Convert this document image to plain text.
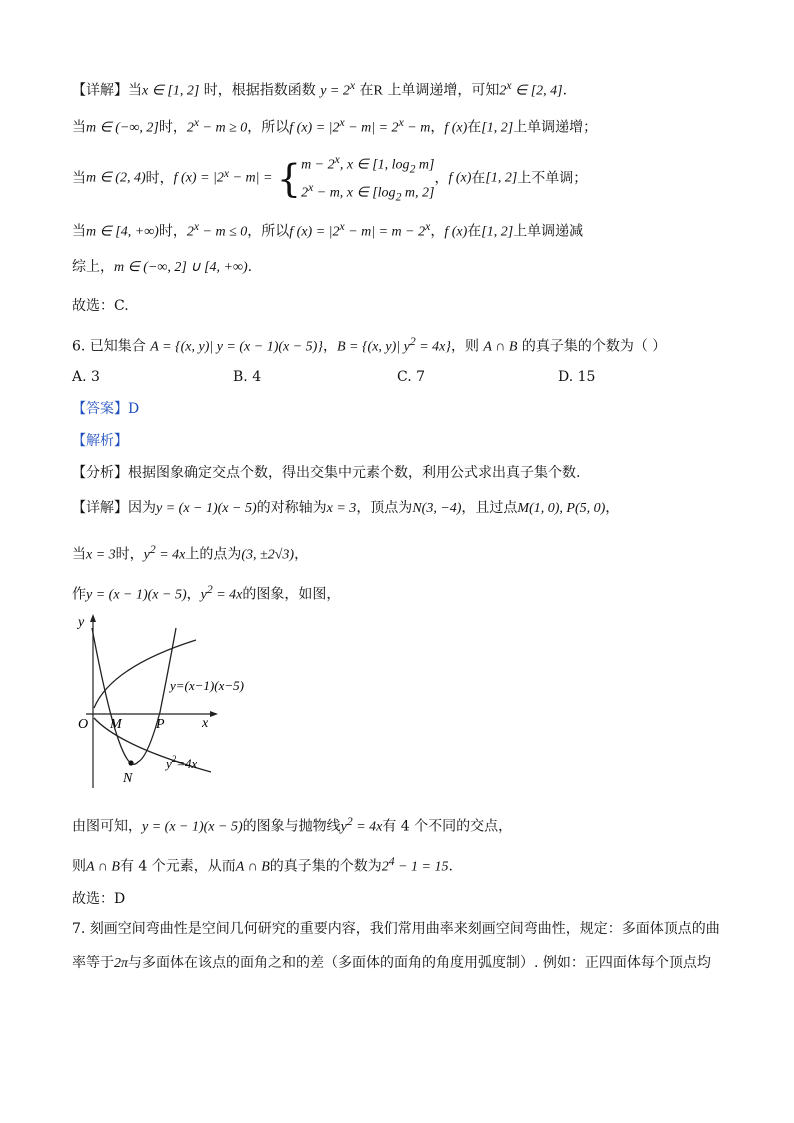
【详解】当x ∈ [1, 2] 时，根据指数函数 $y = 2^x$ 在R 上单调递增，可知2$^x$ ∈ [2, 4].
当m ∈ (−∞, 2]时，$2^x - m \ge 0$，所以f $(x) = |2^x - m| = 2^x - m$，f (x)在[1, 2]上单调递增；
当m ∈ (2, 4)时，f $(x) = |2^x - m| = \{m - 2^x$, x ∈ [1, $\log_2 m$]
$2^x - m$, x ∈ [$\log_2$ m, 2]，f (x)在[1, 2]上不单调；
当m ∈ [4, +∞)时，$2^x - m \le 0$，所以f $(x) = |2^x - m| = m - 2^x$，f (x)在[1, 2]上单调递减
综上，m ∈ (−∞, 2] ∪ [4, +∞).
故选：C.
6. 已知集合 A = {(x, y)| y = (x − 1)(x − 5)}，B = {(x, y)| $y^2 = 4x$}，则 A ∩ B 的真子集的个数为（ ）
A. 3	B. 4	C. 7	D. 15
【答案】D
【解析】
【分析】根据图象确定交点个数，得出交集中元素个数，利用公式求出真子集个数.
【详解】因为y = (x − 1)(x − 5)的对称轴为x = 3，顶点为N(3, −4)，且过点M(1, 0), P(5, 0)，
当x = 3时，$y^2 = 4x$上的点为(3, ±2√3)，
作y = (x − 1)(x − 5)，$y^2 = 4x$的图象，如图，
y
x
O M P
N
y=(x−1)(x−5)
$y^2=4x$
由图可知，y = (x − 1)(x − 5)的图象与抛物线$y^2 = 4x$有 4 个不同的交点，
则A ∩ B有 4 个元素，从而A ∩ B的真子集的个数为$2^4 - 1 = 15$.
故选：D
7. 刻画空间弯曲性是空间几何研究的重要内容，我们常用曲率来刻画空间弯曲性，规定：多面体顶点的曲
率等于2π与多面体在该点的面角之和的差（多面体的面角的角度用弧度制）. 例如：正四面体每个顶点均
